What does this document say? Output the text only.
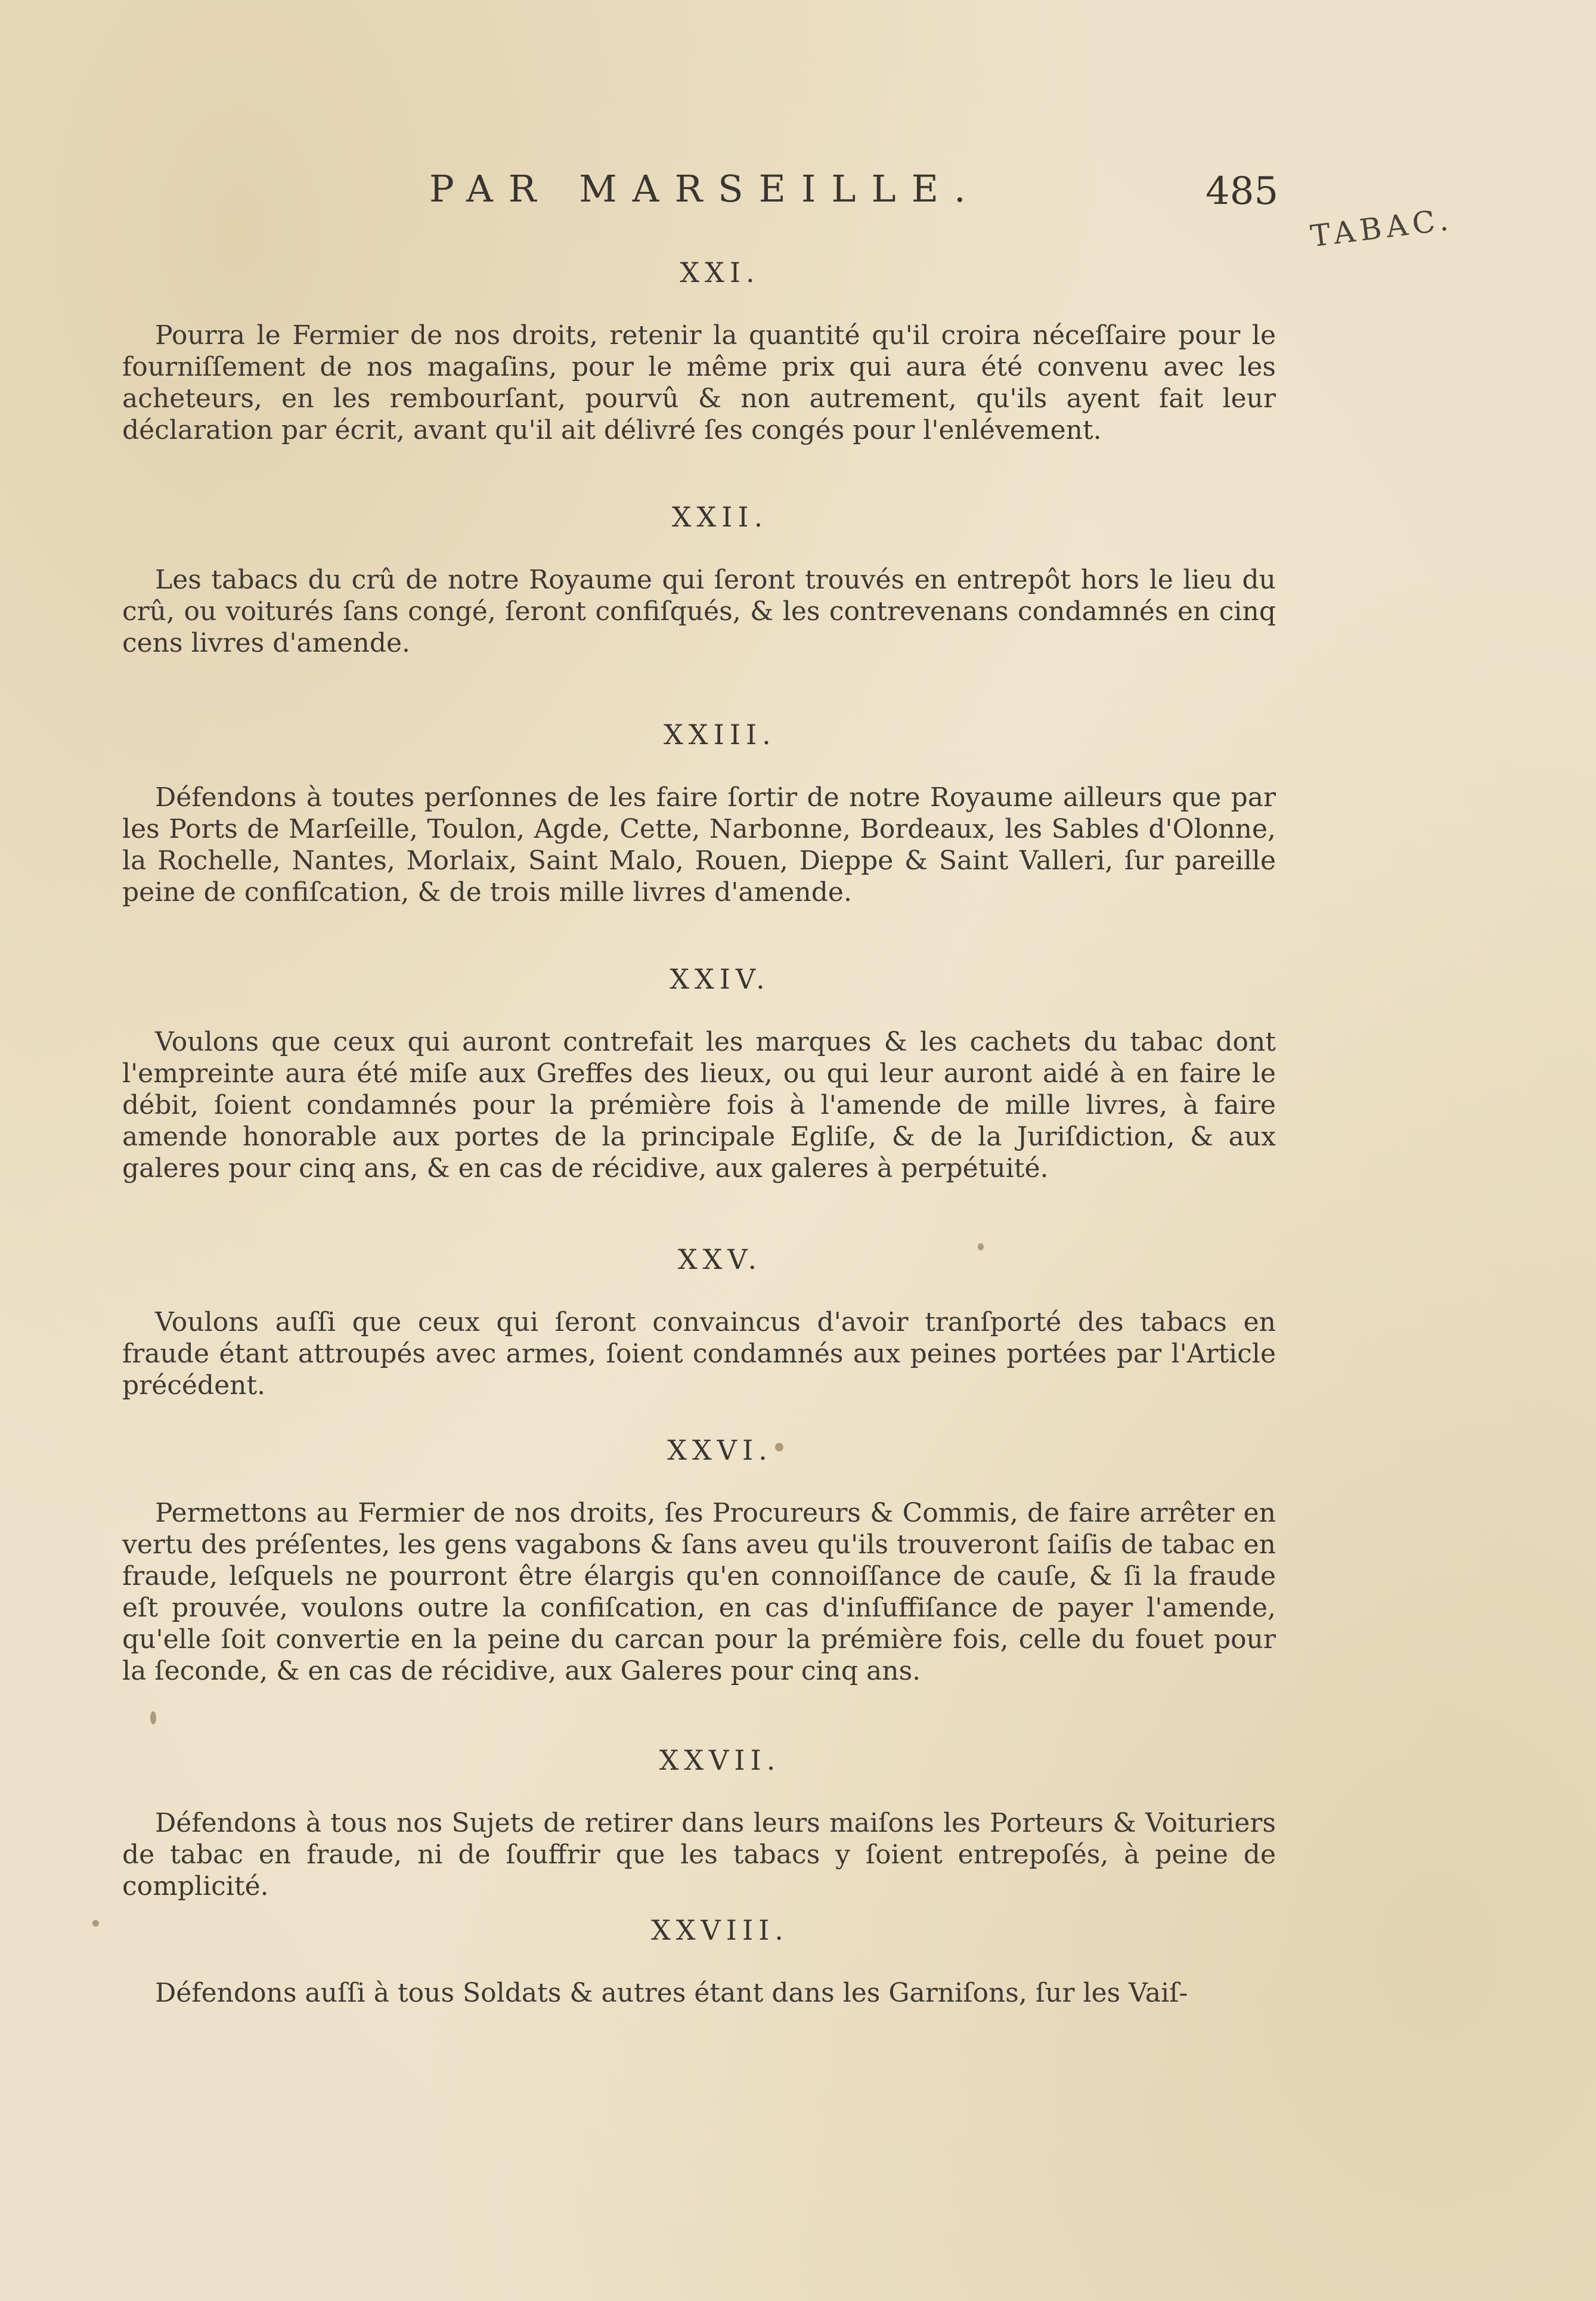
PAR MARSEILLE.	485
TABAC.
XXI.

Pourra le Fermier de nos droits, retenir la quantité qu'il croira néceſſaire pour le fourniſſement de nos magaſins, pour le même prix qui aura été convenu avec les acheteurs, en les rembourſant, pourvû & non autrement, qu'ils ayent fait leur déclaration par écrit, avant qu'il ait délivré ſes congés pour l'enlévement.

XXII.

Les tabacs du crû de notre Royaume qui ſeront trouvés en entrepôt hors le lieu du crû, ou voiturés ſans congé, ſeront confiſqués, & les contrevenans condamnés en cinq cens livres d'amende.

XXIII.

Défendons à toutes perſonnes de les faire ſortir de notre Royaume ailleurs que par les Ports de Marſeille, Toulon, Agde, Cette, Narbonne, Bordeaux, les Sables d'Olonne, la Rochelle, Nantes, Morlaix, Saint Malo, Rouen, Dieppe & Saint Valleri, ſur pareille peine de confiſcation, & de trois mille livres d'amende.

XXIV.

Voulons que ceux qui auront contrefait les marques & les cachets du tabac dont l'empreinte aura été miſe aux Greffes des lieux, ou qui leur auront aidé à en faire le débit, ſoient condamnés pour la prémière fois à l'amende de mille livres, à faire amende honorable aux portes de la principale Egliſe, & de la Juriſdiction, & aux galeres pour cinq ans, & en cas de récidive, aux galeres à perpétuité.

XXV.

Voulons auſſi que ceux qui ſeront convaincus d'avoir tranſporté des tabacs en fraude étant attroupés avec armes, ſoient condamnés aux peines portées par l'Article précédent.

XXVI.

Permettons au Fermier de nos droits, ſes Procureurs & Commis, de faire arrêter en vertu des préſentes, les gens vagabons & ſans aveu qu'ils trouveront ſaiſis de tabac en fraude, leſquels ne pourront être élargis qu'en connoiſſance de cauſe, & ſi la fraude eſt prouvée, voulons outre la confiſcation, en cas d'inſuffiſance de payer l'amende, qu'elle ſoit convertie en la peine du carcan pour la prémière fois, celle du fouet pour la ſeconde, & en cas de récidive, aux Galeres pour cinq ans.

XXVII.

Défendons à tous nos Sujets de retirer dans leurs maiſons les Porteurs & Voituriers de tabac en fraude, ni de ſouffrir que les tabacs y ſoient entrepoſés, à peine de complicité.

XXVIII.

Défendons auſſi à tous Soldats & autres étant dans les Garniſons, ſur les Vaiſ-
